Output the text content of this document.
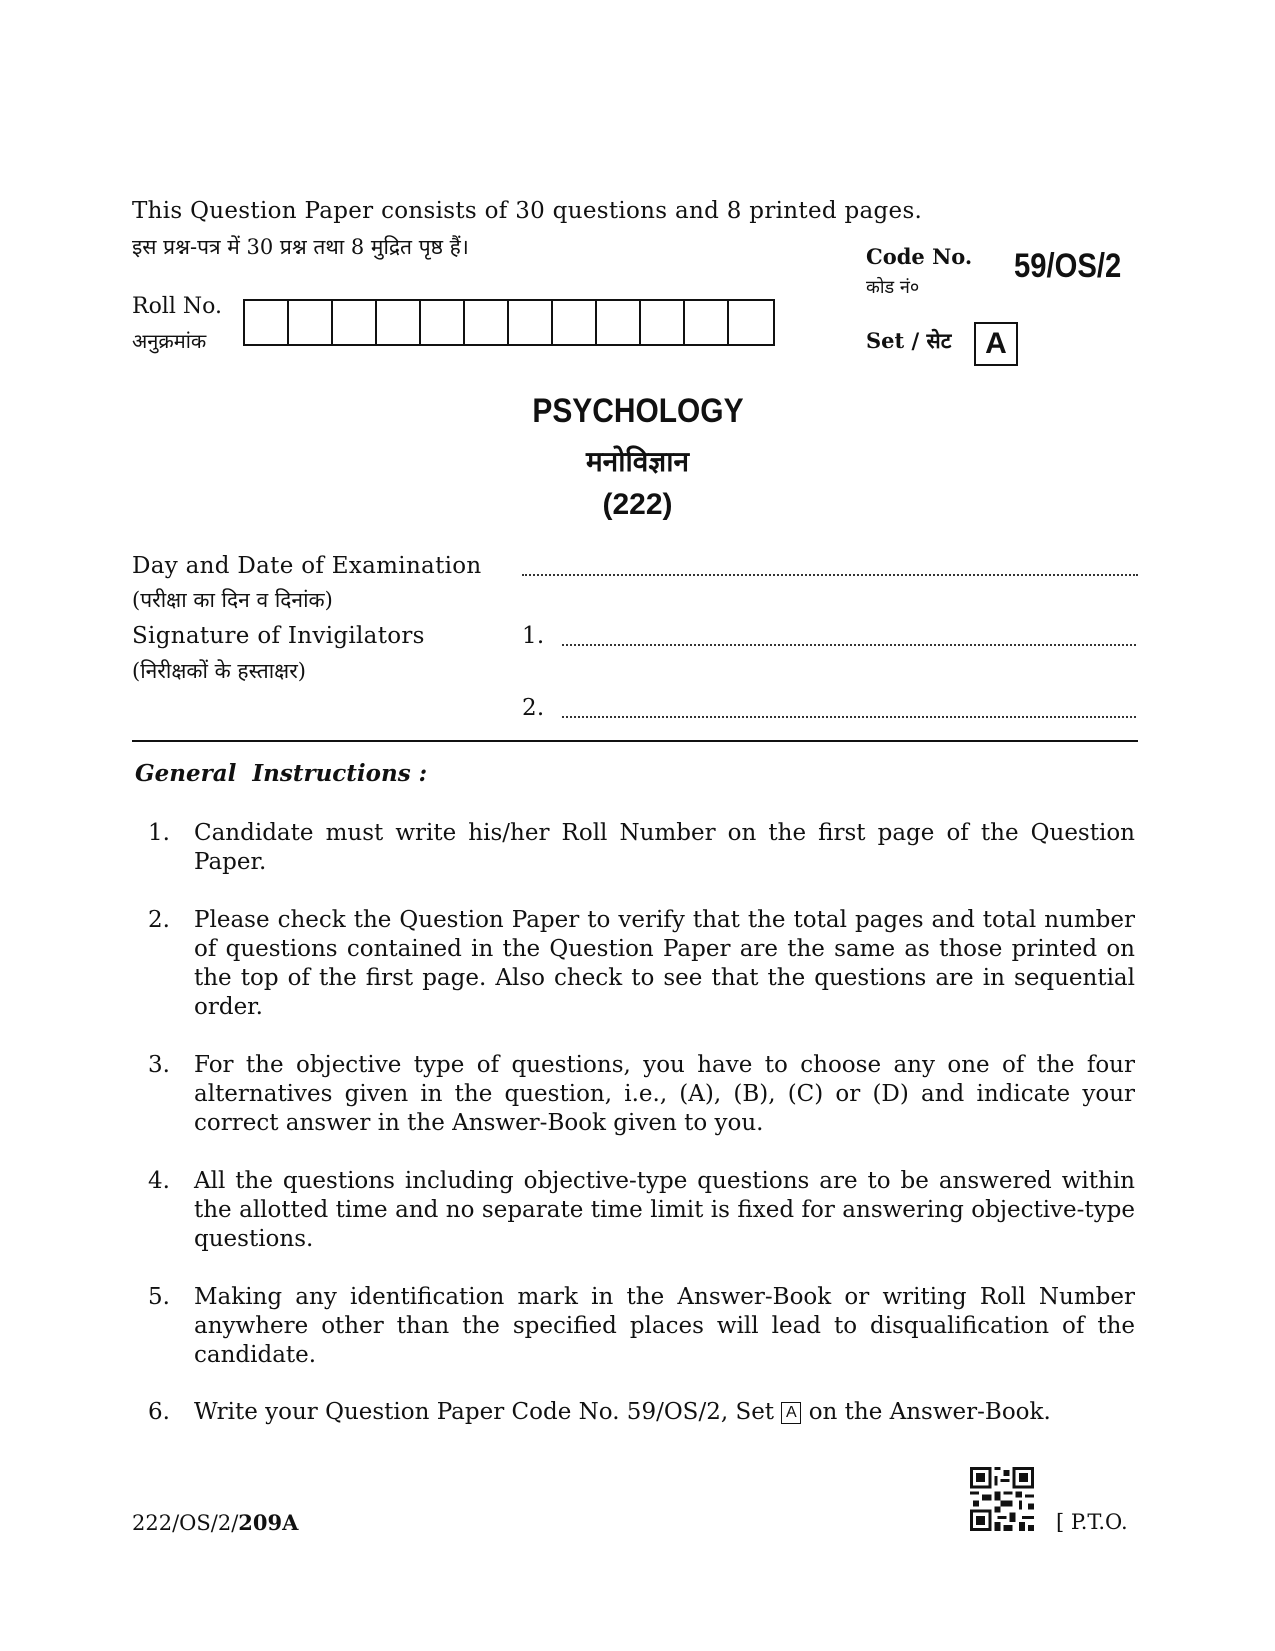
This Question Paper consists of 30 questions and 8 printed pages.
इस प्रश्न-पत्र में 30 प्रश्न तथा 8 मुद्रित पृष्ठ हैं।	Code No.
कोड नं०
59/OS/2
Set / सेट	A
Roll No.
अनुक्रमांक
PSYCHOLOGY
मनोविज्ञान
(222)
Day and Date of Examination
(परीक्षा का दिन व दिनांक)
Signature of Invigilators
(निरीक्षकों के हस्ताक्षर)
1.
2.
General  Instructions :
1. Candidate must write his/her Roll Number on the first page of the Question Paper.
2. Please check the Question Paper to verify that the total pages and total number of questions contained in the Question Paper are the same as those printed on the top of the first page. Also check to see that the questions are in sequential order.
3. For the objective type of questions, you have to choose any one of the four alternatives given in the question, i.e., (A), (B), (C) or (D) and indicate your correct answer in the Answer-Book given to you.
4. All the questions including objective-type questions are to be answered within the allotted time and no separate time limit is fixed for answering objective-type questions.
5. Making any identification mark in the Answer-Book or writing Roll Number anywhere other than the specified places will lead to disqualification of the candidate.
6. Write your Question Paper Code No. 59/OS/2, Set A on the Answer-Book.
222/OS/2/209A	[ P.T.O.
